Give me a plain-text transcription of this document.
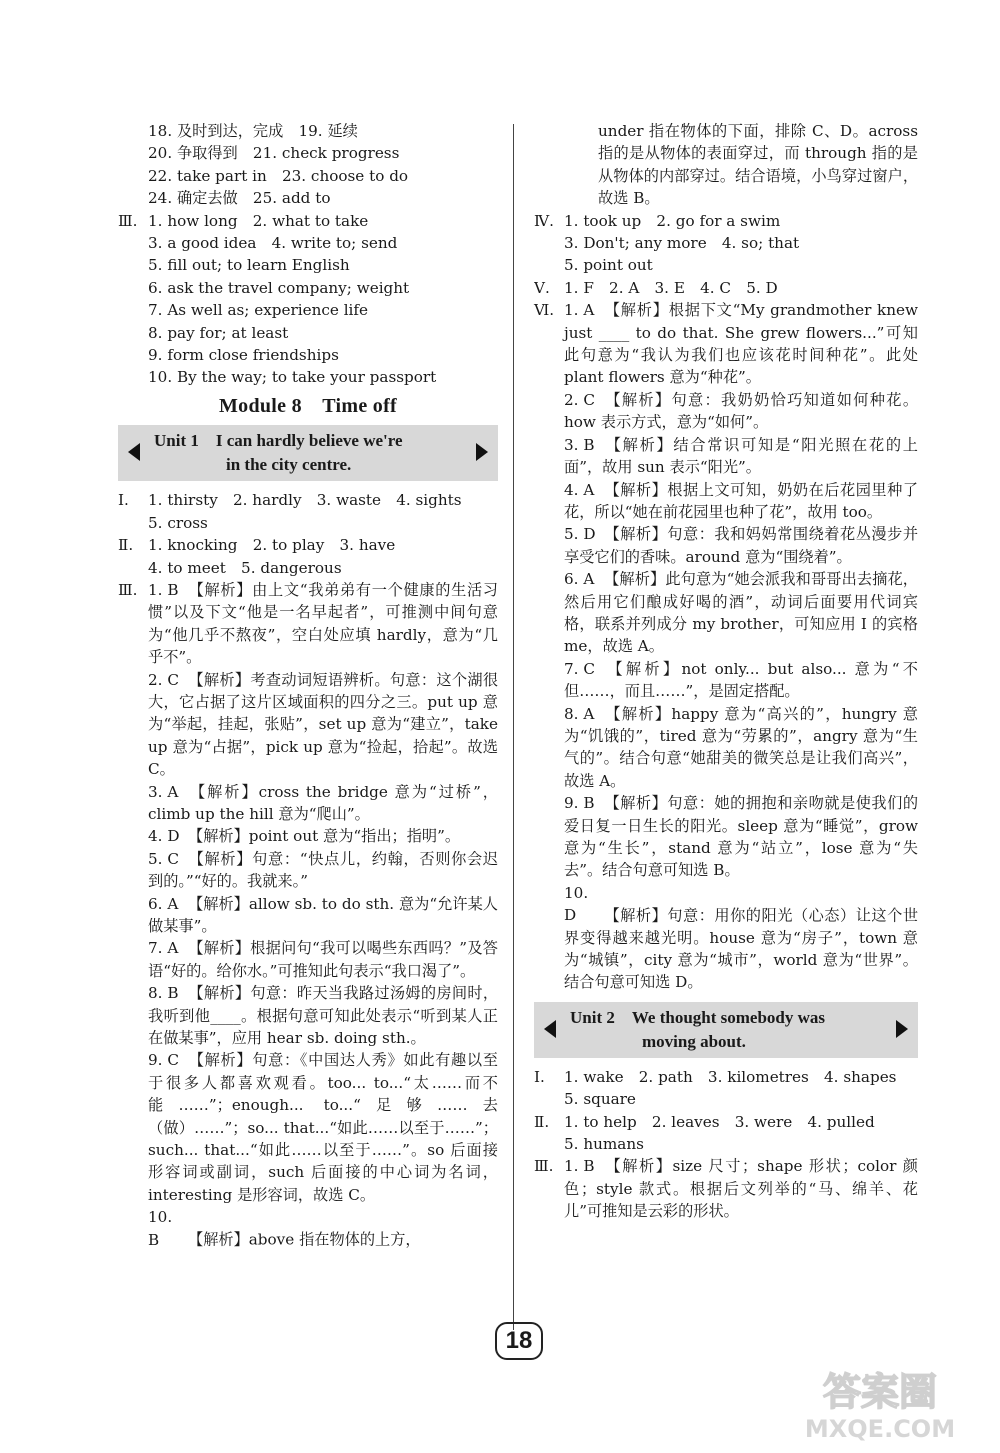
18. 及时到达，完成　19. 延续
20. 争取得到　21. check progress
22. take part in　23. choose to do
24. 确定去做　25. add to
Ⅲ. 1. how long　2. what to take
3. a good idea　4. write to; send
5. fill out; to learn English
6. ask the travel company; weight
7. As well as; experience life
8. pay for; at least
9. form close friendships
10. By the way; to take your passport
Module 8　Time off
Unit 1　I can hardly believe we're
in the city centre.
Ⅰ. 1. thirsty　2. hardly　3. waste　4. sights
5. cross
Ⅱ. 1. knocking　2. to play　3. have
4. to meet　5. dangerous
Ⅲ. 1. B 【解析】由上文“我弟弟有一个健康的生活习惯”以及下文“他是一名早起者”，可推测中间句意为“他几乎不熬夜”，空白处应填 hardly，意为“几乎不”。
2. C 【解析】考查动词短语辨析。句意：这个湖很大，它占据了这片区域面积的四分之三。put up 意为“举起，挂起，张贴”，set up 意为“建立”，take up 意为“占据”，pick up 意为“捡起，拾起”。故选 C。
3. A 【解析】cross the bridge 意为“过桥”，climb up the hill 意为“爬山”。
4. D 【解析】point out 意为“指出；指明”。
5. C 【解析】句意：“快点儿，约翰，否则你会迟到的。”“好的。我就来。”
6. A 【解析】allow sb. to do sth. 意为“允许某人做某事”。
7. A 【解析】根据问句“我可以喝些东西吗？”及答语“好的。给你水。”可推知此句表示“我口渴了”。
8. B 【解析】句意：昨天当我路过汤姆的房间时，我听到他____。根据句意可知此处表示“听到某人正在做某事”，应用 hear sb. doing sth.。
9. C 【解析】句意：《中国达人秀》如此有趣以至于很多人都喜欢观看。too... to...“太……而不能……”；enough... to...“足够……去（做）……”；so... that...“如此……以至于……”；such... that...“如此……以至于……”。so 后面接形容词或副词，such 后面接的中心词为名词，interesting 是形容词，故选 C。
10. B 【解析】above 指在物体的上方，
under 指在物体的下面，排除 C、D。across 指的是从物体的表面穿过，而 through 指的是从物体的内部穿过。结合语境，小鸟穿过窗户，故选 B。
Ⅳ. 1. took up　2. go for a swim
3. Don't; any more　4. so; that
5. point out
Ⅴ. 1. F　2. A　3. E　4. C　5. D
Ⅵ. 1. A 【解析】根据下文“My grandmother knew just ____ to do that. She grew flowers...”可知此句意为“我认为我们也应该花时间种花”。此处 plant flowers 意为“种花”。
2. C 【解析】句意：我奶奶恰巧知道如何种花。how 表示方式，意为“如何”。
3. B 【解析】结合常识可知是“阳光照在花的上面”，故用 sun 表示“阳光”。
4. A 【解析】根据上文可知，奶奶在后花园里种了花，所以“她在前花园里也种了花”，故用 too。
5. D 【解析】句意：我和妈妈常围绕着花丛漫步并享受它们的香味。around 意为“围绕着”。
6. A 【解析】此句意为“她会派我和哥哥出去摘花，然后用它们酿成好喝的酒”，动词后面要用代词宾格，联系并列成分 my brother，可知应用 I 的宾格 me，故选 A。
7. C 【解析】not only... but also... 意为“不但……，而且……”，是固定搭配。
8. A 【解析】happy 意为“高兴的”，hungry 意为“饥饿的”，tired 意为“劳累的”，angry 意为“生气的”。结合句意“她甜美的微笑总是让我们高兴”，故选 A。
9. B 【解析】句意：她的拥抱和亲吻就是使我们的爱日复一日生长的阳光。sleep 意为“睡觉”，grow 意为“生长”，stand 意为“站立”，lose 意为“失去”。结合句意可知选 B。
10. D 【解析】句意：用你的阳光（心态）让这个世界变得越来越光明。house 意为“房子”，town 意为“城镇”，city 意为“城市”，world 意为“世界”。结合句意可知选 D。
Unit 2　We thought somebody was
moving about.
Ⅰ. 1. wake　2. path　3. kilometres　4. shapes
5. square
Ⅱ. 1. to help　2. leaves　3. were　4. pulled
5. humans
Ⅲ. 1. B 【解析】size 尺寸；shape 形状；color 颜色；style 款式。根据后文列举的“马、绵羊、花儿”可推知是云彩的形状。
18
答案圈
MXQE.COM
